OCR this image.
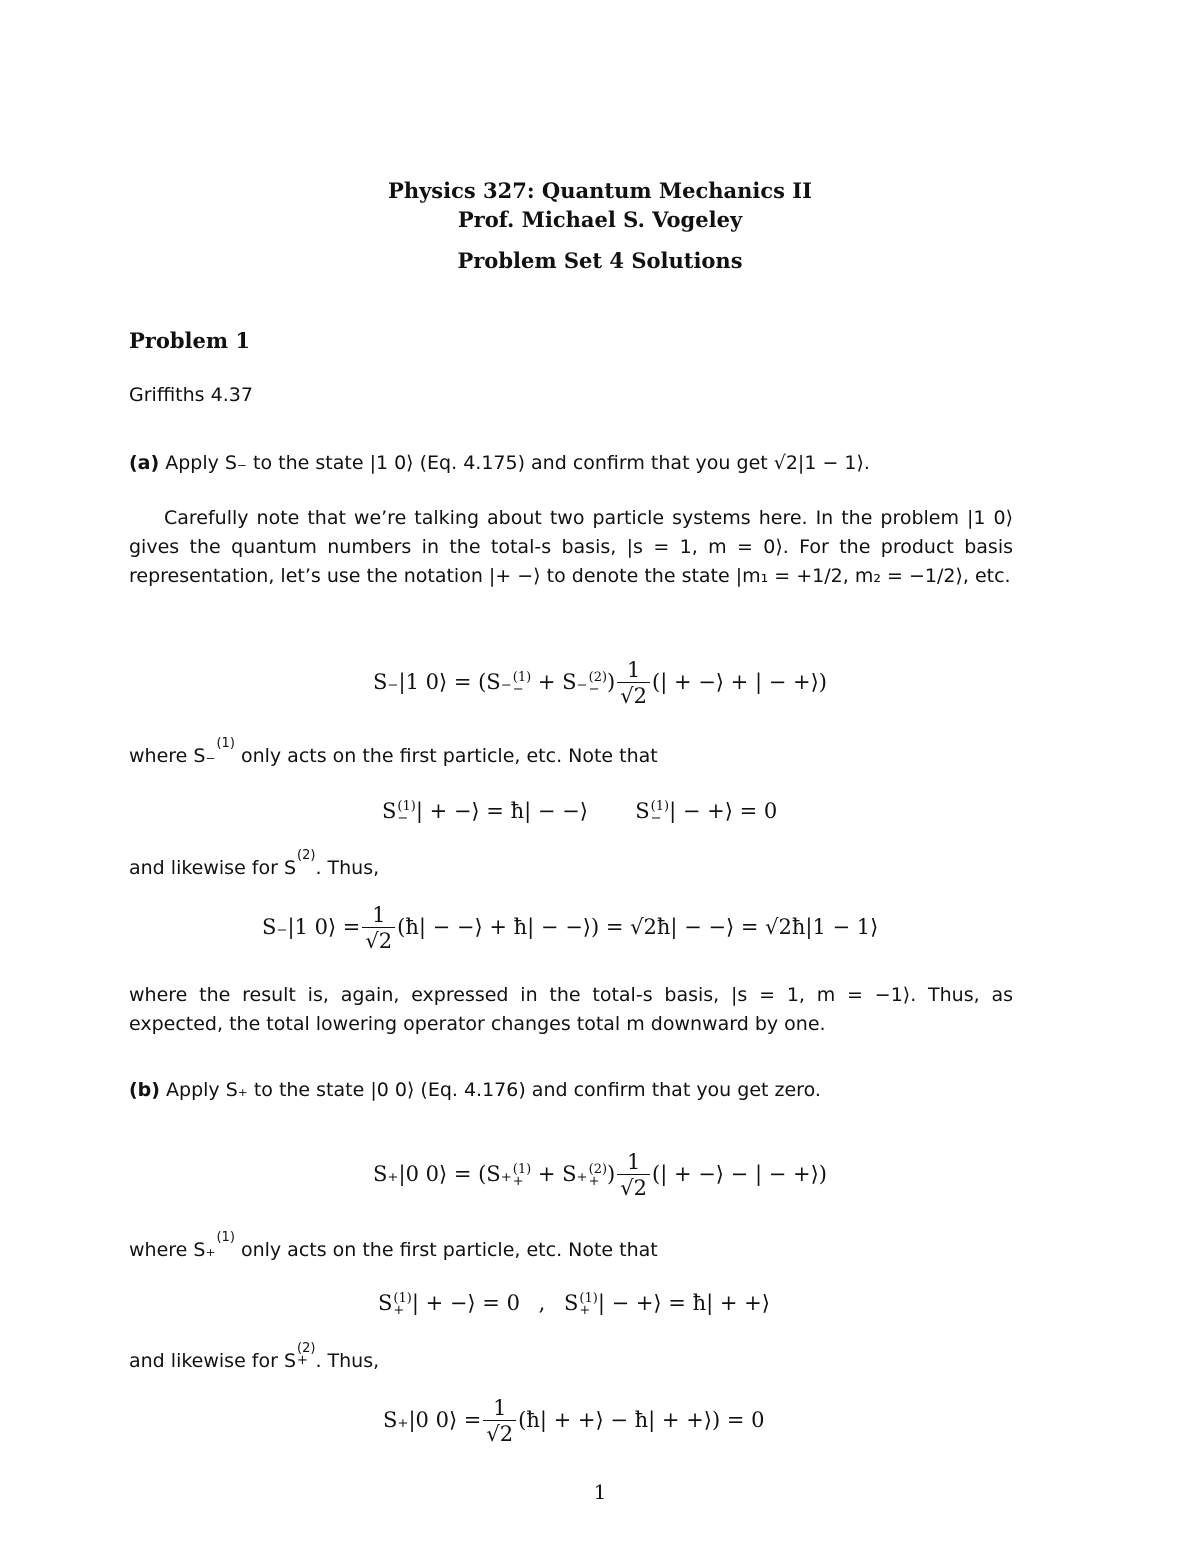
Physics 327: Quantum Mechanics II
Prof. Michael S. Vogeley
Problem Set 4 Solutions
Problem 1
Griffiths 4.37
(a) Apply S₋ to the state |1 0⟩ (Eq. 4.175) and confirm that you get √2|1 − 1⟩.
Carefully note that we’re talking about two particle systems here. In the problem |1 0⟩ gives the quantum numbers in the total-s basis, |s = 1, m = 0⟩. For the product basis representation, let’s use the notation |+ −⟩ to denote the state |m₁ = +1/2, m₂ = −1/2⟩, etc.
S₋|1 0⟩ = (S₋ (1)
− + S₋ (2)
− ) $\frac{1}{√2}$ (| + −⟩ + | − +⟩)
where S₋
(1)
only acts on the first particle, etc. Note that
S (1)
− | + −⟩ = ħ| − −⟩ S (1)
− | − +⟩ = 0
and likewise for S
(2)
. Thus,
S₋|1 0⟩ = $\frac{1}{√2}$ (ħ| − −⟩ + ħ| − −⟩) = √2ħ| − −⟩ = √2ħ|1 − 1⟩
where the result is, again, expressed in the total-s basis, |s = 1, m = −1⟩. Thus, as expected, the total lowering operator changes total m downward by one.
(b) Apply S₊ to the state |0 0⟩ (Eq. 4.176) and confirm that you get zero.
S₊|0 0⟩ = (S₊ (1)
+ + S₊ (2)
+ ) $\frac{1}{√2}$ (| + −⟩ − | − +⟩)
where S₊
(1)
only acts on the first particle, etc. Note that
S (1)
+ | + −⟩ = 0 , S (1)
+ | − +⟩ = ħ| + +⟩
and likewise for S
(2)
+ . Thus,
S₊|0 0⟩ = $\frac{1}{√2}$ (ħ| + +⟩ − ħ| + +⟩) = 0
1
